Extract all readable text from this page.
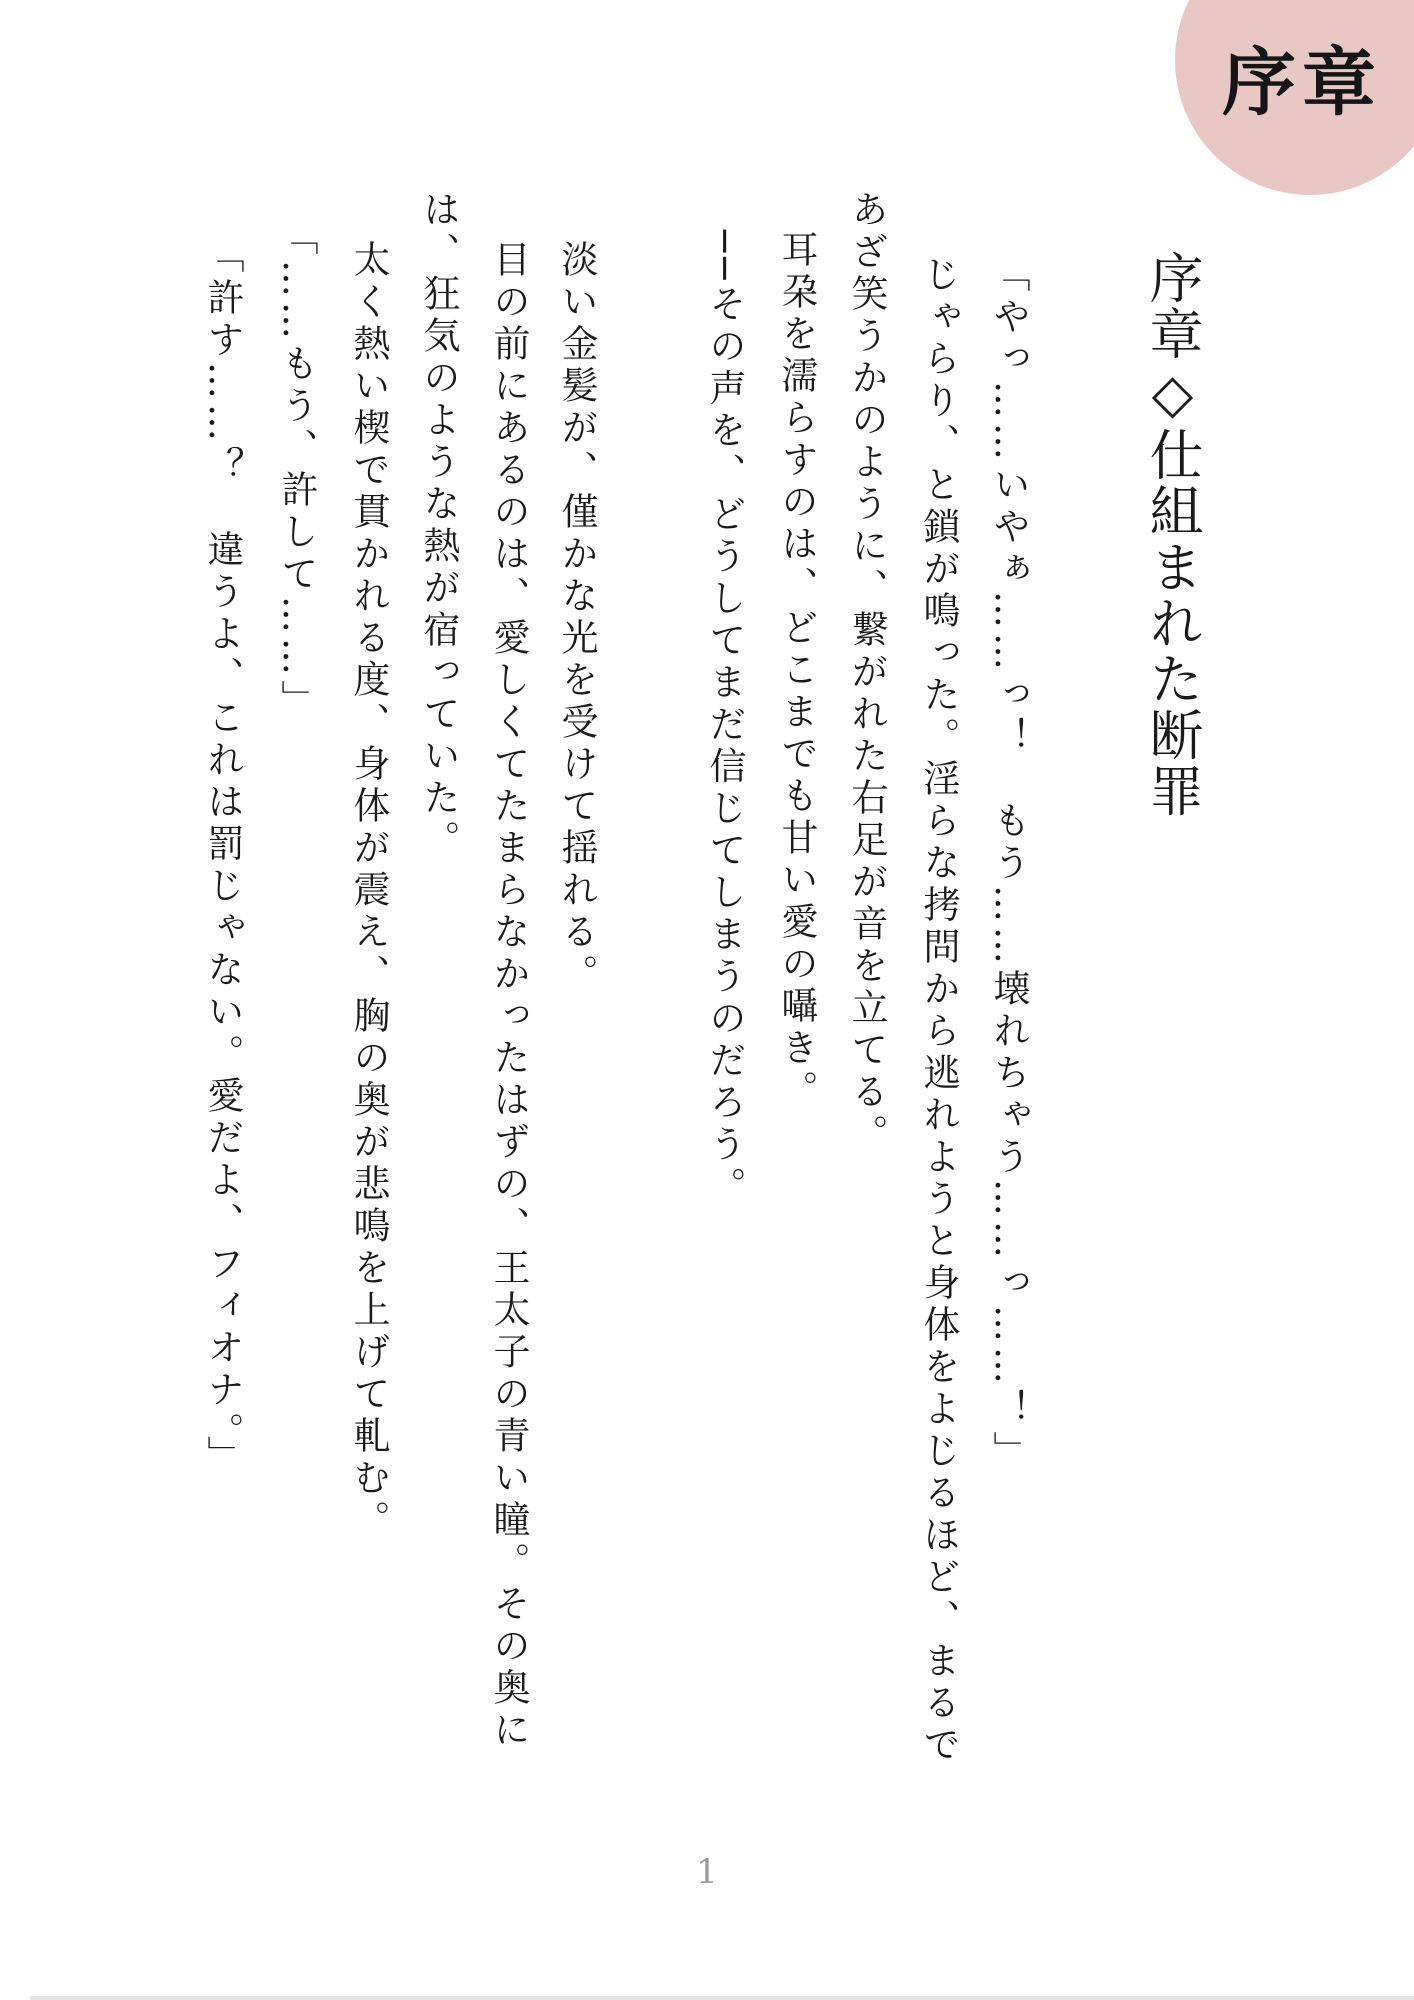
序章
序章◇仕組まれた断罪
「やっ……いやぁ……っ！　もう……壊れちゃう……っ……！」
じゃらり、と鎖が鳴った。淫らな拷問から逃れようと身体をよじるほど、まるで
あざ笑うかのように、繋がれた右足が音を立てる。
耳朶を濡らすのは、どこまでも甘い愛の囁き。
──その声を、どうしてまだ信じてしまうのだろう。
淡い金髪が、僅かな光を受けて揺れる。
目の前にあるのは、愛しくてたまらなかったはずの、王太子の青い瞳。その奥に
は、狂気のような熱が宿っていた。
太く熱い楔で貫かれる度、身体が震え、胸の奥が悲鳴を上げて軋む。
「……もう、許して……」
「許す……？　違うよ、これは罰じゃない。愛だよ、フィオナ。」
1
